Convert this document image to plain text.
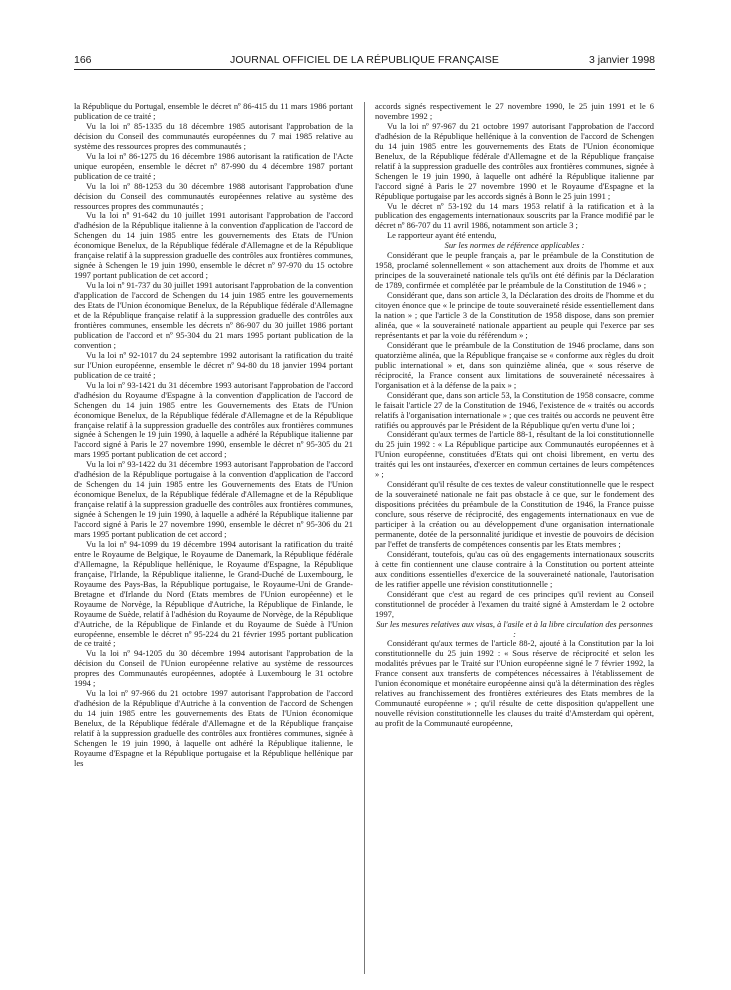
166	JOURNAL OFFICIEL DE LA RÉPUBLIQUE FRANÇAISE	3 janvier 1998

la République du Portugal, ensemble le décret nº 86-415 du 11 mars 1986 portant publication de ce traité ;

Vu la loi nº 85-1335 du 18 décembre 1985 autorisant l'approbation de la décision du Conseil des communautés européennes du 7 mai 1985 relative au système des ressources propres des communautés ;

Vu la loi nº 86-1275 du 16 décembre 1986 autorisant la ratification de l'Acte unique européen, ensemble le décret nº 87-990 du 4 décembre 1987 portant publication de ce traité ;

Vu la loi nº 88-1253 du 30 décembre 1988 autorisant l'approbation d'une décision du Conseil des communautés européennes relative au système des ressources propres des communautés ;

Vu la loi nº 91-642 du 10 juillet 1991 autorisant l'approbation de l'accord d'adhésion de la République italienne à la convention d'application de l'accord de Schengen du 14 juin 1985 entre les gouvernements des Etats de l'Union économique Benelux, de la République fédérale d'Allemagne et de la République française relatif à la suppression graduelle des contrôles aux frontières communes, signée à Schengen le 19 juin 1990, ensemble le décret nº 97-970 du 15 octobre 1997 portant publication de cet accord ;

Vu la loi nº 91-737 du 30 juillet 1991 autorisant l'approbation de la convention d'application de l'accord de Schengen du 14 juin 1985 entre les gouvernements des Etats de l'Union économique Benelux, de la République fédérale d'Allemagne et de la République française relatif à la suppression graduelle des contrôles aux frontières communes, ensemble les décrets nº 86-907 du 30 juillet 1986 portant publication de l'accord et nº 95-304 du 21 mars 1995 portant publication de la convention ;

Vu la loi nº 92-1017 du 24 septembre 1992 autorisant la ratification du traité sur l'Union européenne, ensemble le décret nº 94-80 du 18 janvier 1994 portant publication de ce traité ;

Vu la loi nº 93-1421 du 31 décembre 1993 autorisant l'approbation de l'accord d'adhésion du Royaume d'Espagne à la convention d'application de l'accord de Schengen du 14 juin 1985 entre les Gouvernements des Etats de l'Union économique Benelux, de la République fédérale d'Allemagne et de la République française relatif à la suppression graduelle des contrôles aux frontières communes signée à Schengen le 19 juin 1990, à laquelle a adhéré la République italienne par l'accord signé à Paris le 27 novembre 1990, ensemble le décret nº 95-305 du 21 mars 1995 portant publication de cet accord ;

Vu la loi nº 93-1422 du 31 décembre 1993 autorisant l'approbation de l'accord d'adhésion de la République portugaise à la convention d'application de l'accord de Schengen du 14 juin 1985 entre les Gouvernements des Etats de l'Union économique Benelux, de la République fédérale d'Allemagne et de la République française relatif à la suppression graduelle des contrôles aux frontières communes, signée à Schengen le 19 juin 1990, à laquelle a adhéré la République italienne par l'accord signé à Paris le 27 novembre 1990, ensemble le décret nº 95-306 du 21 mars 1995 portant publication de cet accord ;

Vu la loi nº 94-1099 du 19 décembre 1994 autorisant la ratification du traité entre le Royaume de Belgique, le Royaume de Danemark, la République fédérale d'Allemagne, la République hellénique, le Royaume d'Espagne, la République française, l'Irlande, la République italienne, le Grand-Duché de Luxembourg, le Royaume des Pays-Bas, la République portugaise, le Royaume-Uni de Grande-Bretagne et d'Irlande du Nord (Etats membres de l'Union européenne) et le Royaume de Norvège, la République d'Autriche, la République de Finlande, le Royaume de Suède, relatif à l'adhésion du Royaume de Norvège, de la République d'Autriche, de la République de Finlande et du Royaume de Suède à l'Union européenne, ensemble le décret nº 95-224 du 21 février 1995 portant publication de ce traité ;

Vu la loi nº 94-1205 du 30 décembre 1994 autorisant l'approbation de la décision du Conseil de l'Union européenne relative au système de ressources propres des Communautés européennes, adoptée à Luxembourg le 31 octobre 1994 ;

Vu la loi nº 97-966 du 21 octobre 1997 autorisant l'approbation de l'accord d'adhésion de la République d'Autriche à la convention de l'accord de Schengen du 14 juin 1985 entre les gouvernements des Etats de l'Union économique Benelux, de la République fédérale d'Allemagne et de la République française relatif à la suppression graduelle des contrôles aux frontières communes, signée à Schengen le 19 juin 1990, à laquelle ont adhéré la République italienne, le Royaume d'Espagne et la République portugaise et la République hellénique par les

accords signés respectivement le 27 novembre 1990, le 25 juin 1991 et le 6 novembre 1992 ;

Vu la loi nº 97-967 du 21 octobre 1997 autorisant l'approbation de l'accord d'adhésion de la République hellénique à la convention de l'accord de Schengen du 14 juin 1985 entre les gouvernements des Etats de l'Union économique Benelux, de la République fédérale d'Allemagne et de la République française relatif à la suppression graduelle des contrôles aux frontières communes, signée à Schengen le 19 juin 1990, à laquelle ont adhéré la République italienne par l'accord signé à Paris le 27 novembre 1990 et le Royaume d'Espagne et la République portugaise par les accords signés à Bonn le 25 juin 1991 ;

Vu le décret nº 53-192 du 14 mars 1953 relatif à la ratification et à la publication des engagements internationaux souscrits par la France modifié par le décret nº 86-707 du 11 avril 1986, notamment son article 3 ;

Le rapporteur ayant été entendu,

Sur les normes de référence applicables :

Considérant que le peuple français a, par le préambule de la Constitution de 1958, proclamé solennellement « son attachement aux droits de l'homme et aux principes de la souveraineté nationale tels qu'ils ont été définis par la Déclaration de 1789, confirmée et complétée par le préambule de la Constitution de 1946 » ;

Considérant que, dans son article 3, la Déclaration des droits de l'homme et du citoyen énonce que « le principe de toute souveraineté réside essentiellement dans la nation » ; que l'article 3 de la Constitution de 1958 dispose, dans son premier alinéa, que « la souveraineté nationale appartient au peuple qui l'exerce par ses représentants et par la voie du référendum » ;

Considérant que le préambule de la Constitution de 1946 proclame, dans son quatorzième alinéa, que la République française se « conforme aux règles du droit public international » et, dans son quinzième alinéa, que « sous réserve de réciprocité, la France consent aux limitations de souveraineté nécessaires à l'organisation et à la défense de la paix » ;

Considérant que, dans son article 53, la Constitution de 1958 consacre, comme le faisait l'article 27 de la Constitution de 1946, l'existence de « traités ou accords relatifs à l'organisation internationale » ; que ces traités ou accords ne peuvent être ratifiés ou approuvés par le Président de la République qu'en vertu d'une loi ;

Considérant qu'aux termes de l'article 88-1, résultant de la loi constitutionnelle du 25 juin 1992 : « La République participe aux Communautés européennes et à l'Union européenne, constituées d'Etats qui ont choisi librement, en vertu des traités qui les ont instaurées, d'exercer en commun certaines de leurs compétences » ;

Considérant qu'il résulte de ces textes de valeur constitutionnelle que le respect de la souveraineté nationale ne fait pas obstacle à ce que, sur le fondement des dispositions précitées du préambule de la Constitution de 1946, la France puisse conclure, sous réserve de réciprocité, des engagements internationaux en vue de participer à la création ou au développement d'une organisation internationale permanente, dotée de la personnalité juridique et investie de pouvoirs de décision par l'effet de transferts de compétences consentis par les Etats membres ;

Considérant, toutefois, qu'au cas où des engagements internationaux souscrits à cette fin contiennent une clause contraire à la Constitution ou portent atteinte aux conditions essentielles d'exercice de la souveraineté nationale, l'autorisation de les ratifier appelle une révision constitutionnelle ;

Considérant que c'est au regard de ces principes qu'il revient au Conseil constitutionnel de procéder à l'examen du traité signé à Amsterdam le 2 octobre 1997,

Sur les mesures relatives aux visas, à l'asile et à la libre circulation des personnes :

Considérant qu'aux termes de l'article 88-2, ajouté à la Constitution par la loi constitutionnelle du 25 juin 1992 : « Sous réserve de réciprocité et selon les modalités prévues par le Traité sur l'Union européenne signé le 7 février 1992, la France consent aux transferts de compétences nécessaires à l'établissement de l'union économique et monétaire européenne ainsi qu'à la détermination des règles relatives au franchissement des frontières extérieures des Etats membres de la Communauté européenne » ; qu'il résulte de cette disposition qu'appellent une nouvelle révision constitutionnelle les clauses du traité d'Amsterdam qui opèrent, au profit de la Communauté européenne,
